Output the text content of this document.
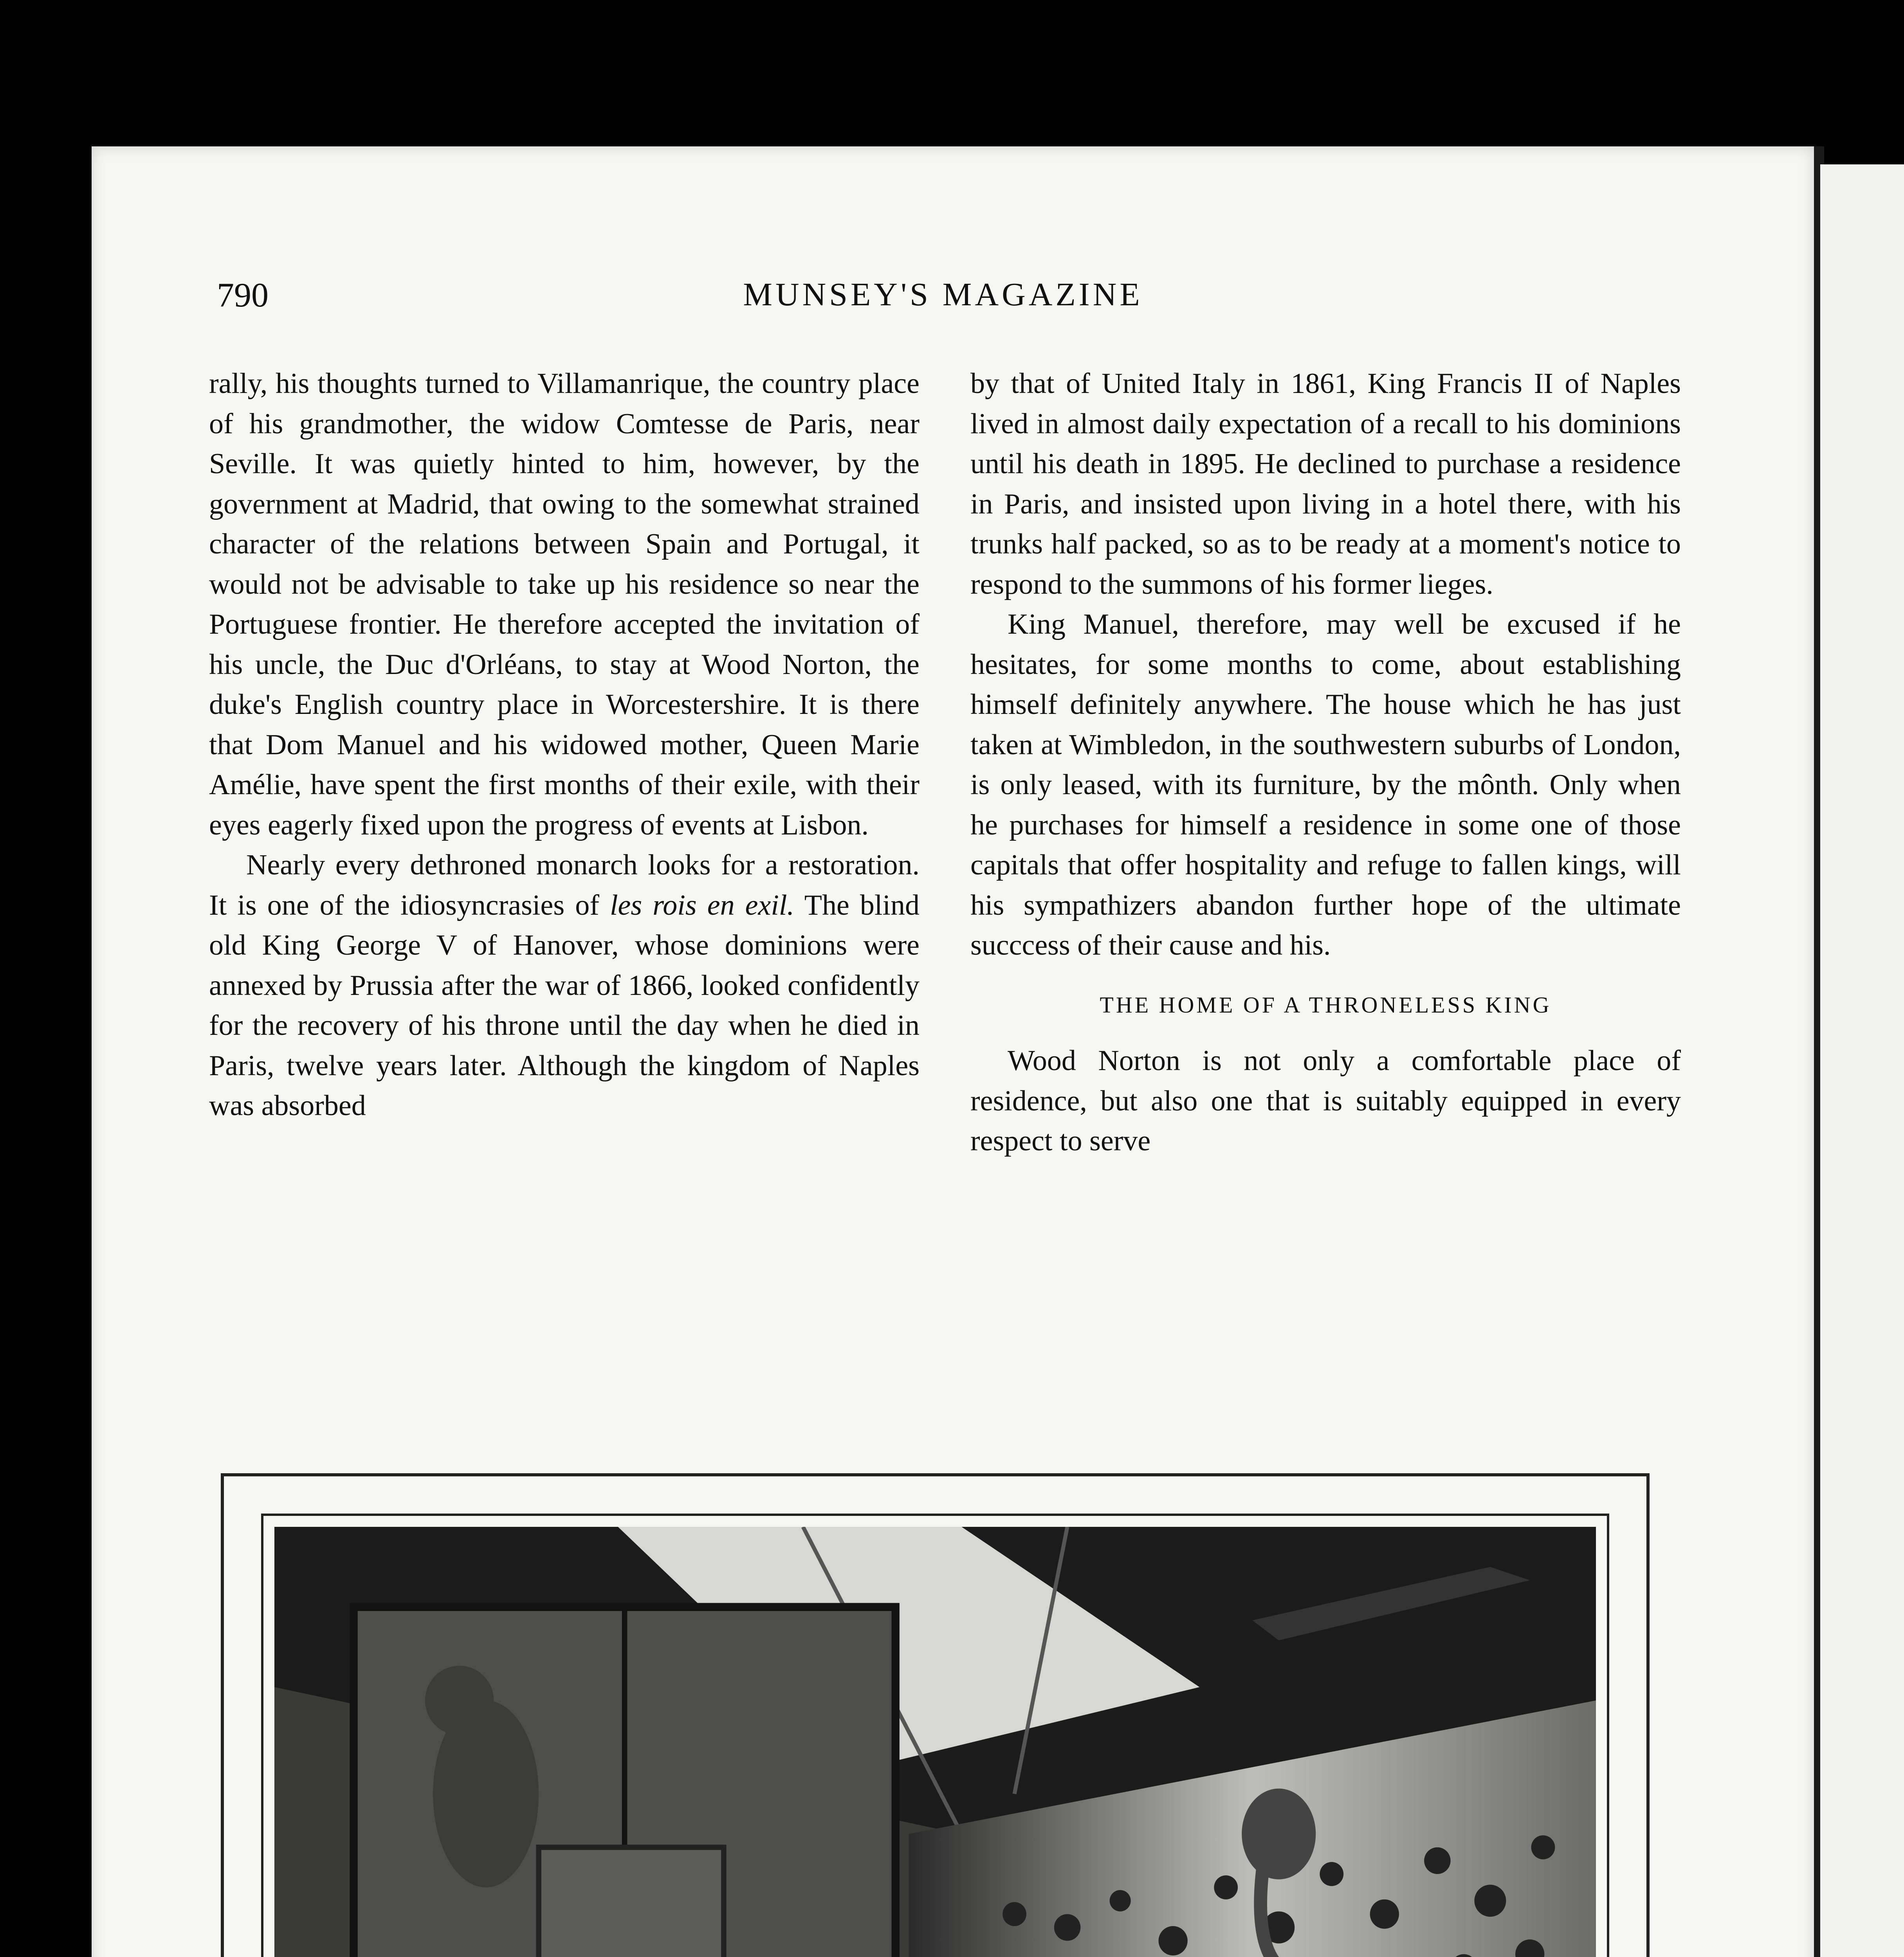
790	MUNSEY'S MAGAZINE

rally, his thoughts turned to Villamanrique, the country place of his grandmother, the widow Comtesse de Paris, near Seville. It was quietly hinted to him, however, by the government at Madrid, that owing to the somewhat strained character of the relations between Spain and Portugal, it would not be advisable to take up his residence so near the Portuguese frontier. He therefore accepted the invitation of his uncle, the Duc d'Orléans, to stay at Wood Norton, the duke's English country place in Worcestershire. It is there that Dom Manuel and his widowed mother, Queen Marie Amélie, have spent the first months of their exile, with their eyes eagerly fixed upon the progress of events at Lisbon.

Nearly every dethroned monarch looks for a restoration. It is one of the idiosyncrasies of les rois en exil. The blind old King George V of Hanover, whose dominions were annexed by Prussia after the war of 1866, looked confidently for the recovery of his throne until the day when he died in Paris, twelve years later. Although the kingdom of Naples was absorbed

by that of United Italy in 1861, King Francis II of Naples lived in almost daily expectation of a recall to his dominions until his death in 1895. He declined to purchase a residence in Paris, and insisted upon living in a hotel there, with his trunks half packed, so as to be ready at a moment's notice to respond to the summons of his former lieges.

King Manuel, therefore, may well be excused if he hesitates, for some months to come, about establishing himself definitely anywhere. The house which he has just taken at Wimbledon, in the southwestern suburbs of London, is only leased, with its furniture, by the mônth. Only when he purchases for himself a residence in some one of those capitals that offer hospitality and refuge to fallen kings, will his sympathizers abandon further hope of the ultimate succcess of their cause and his.

THE HOME OF A THRONELESS KING

Wood Norton is not only a comfortable place of residence, but also one that is suitably equipped in every respect to serve
